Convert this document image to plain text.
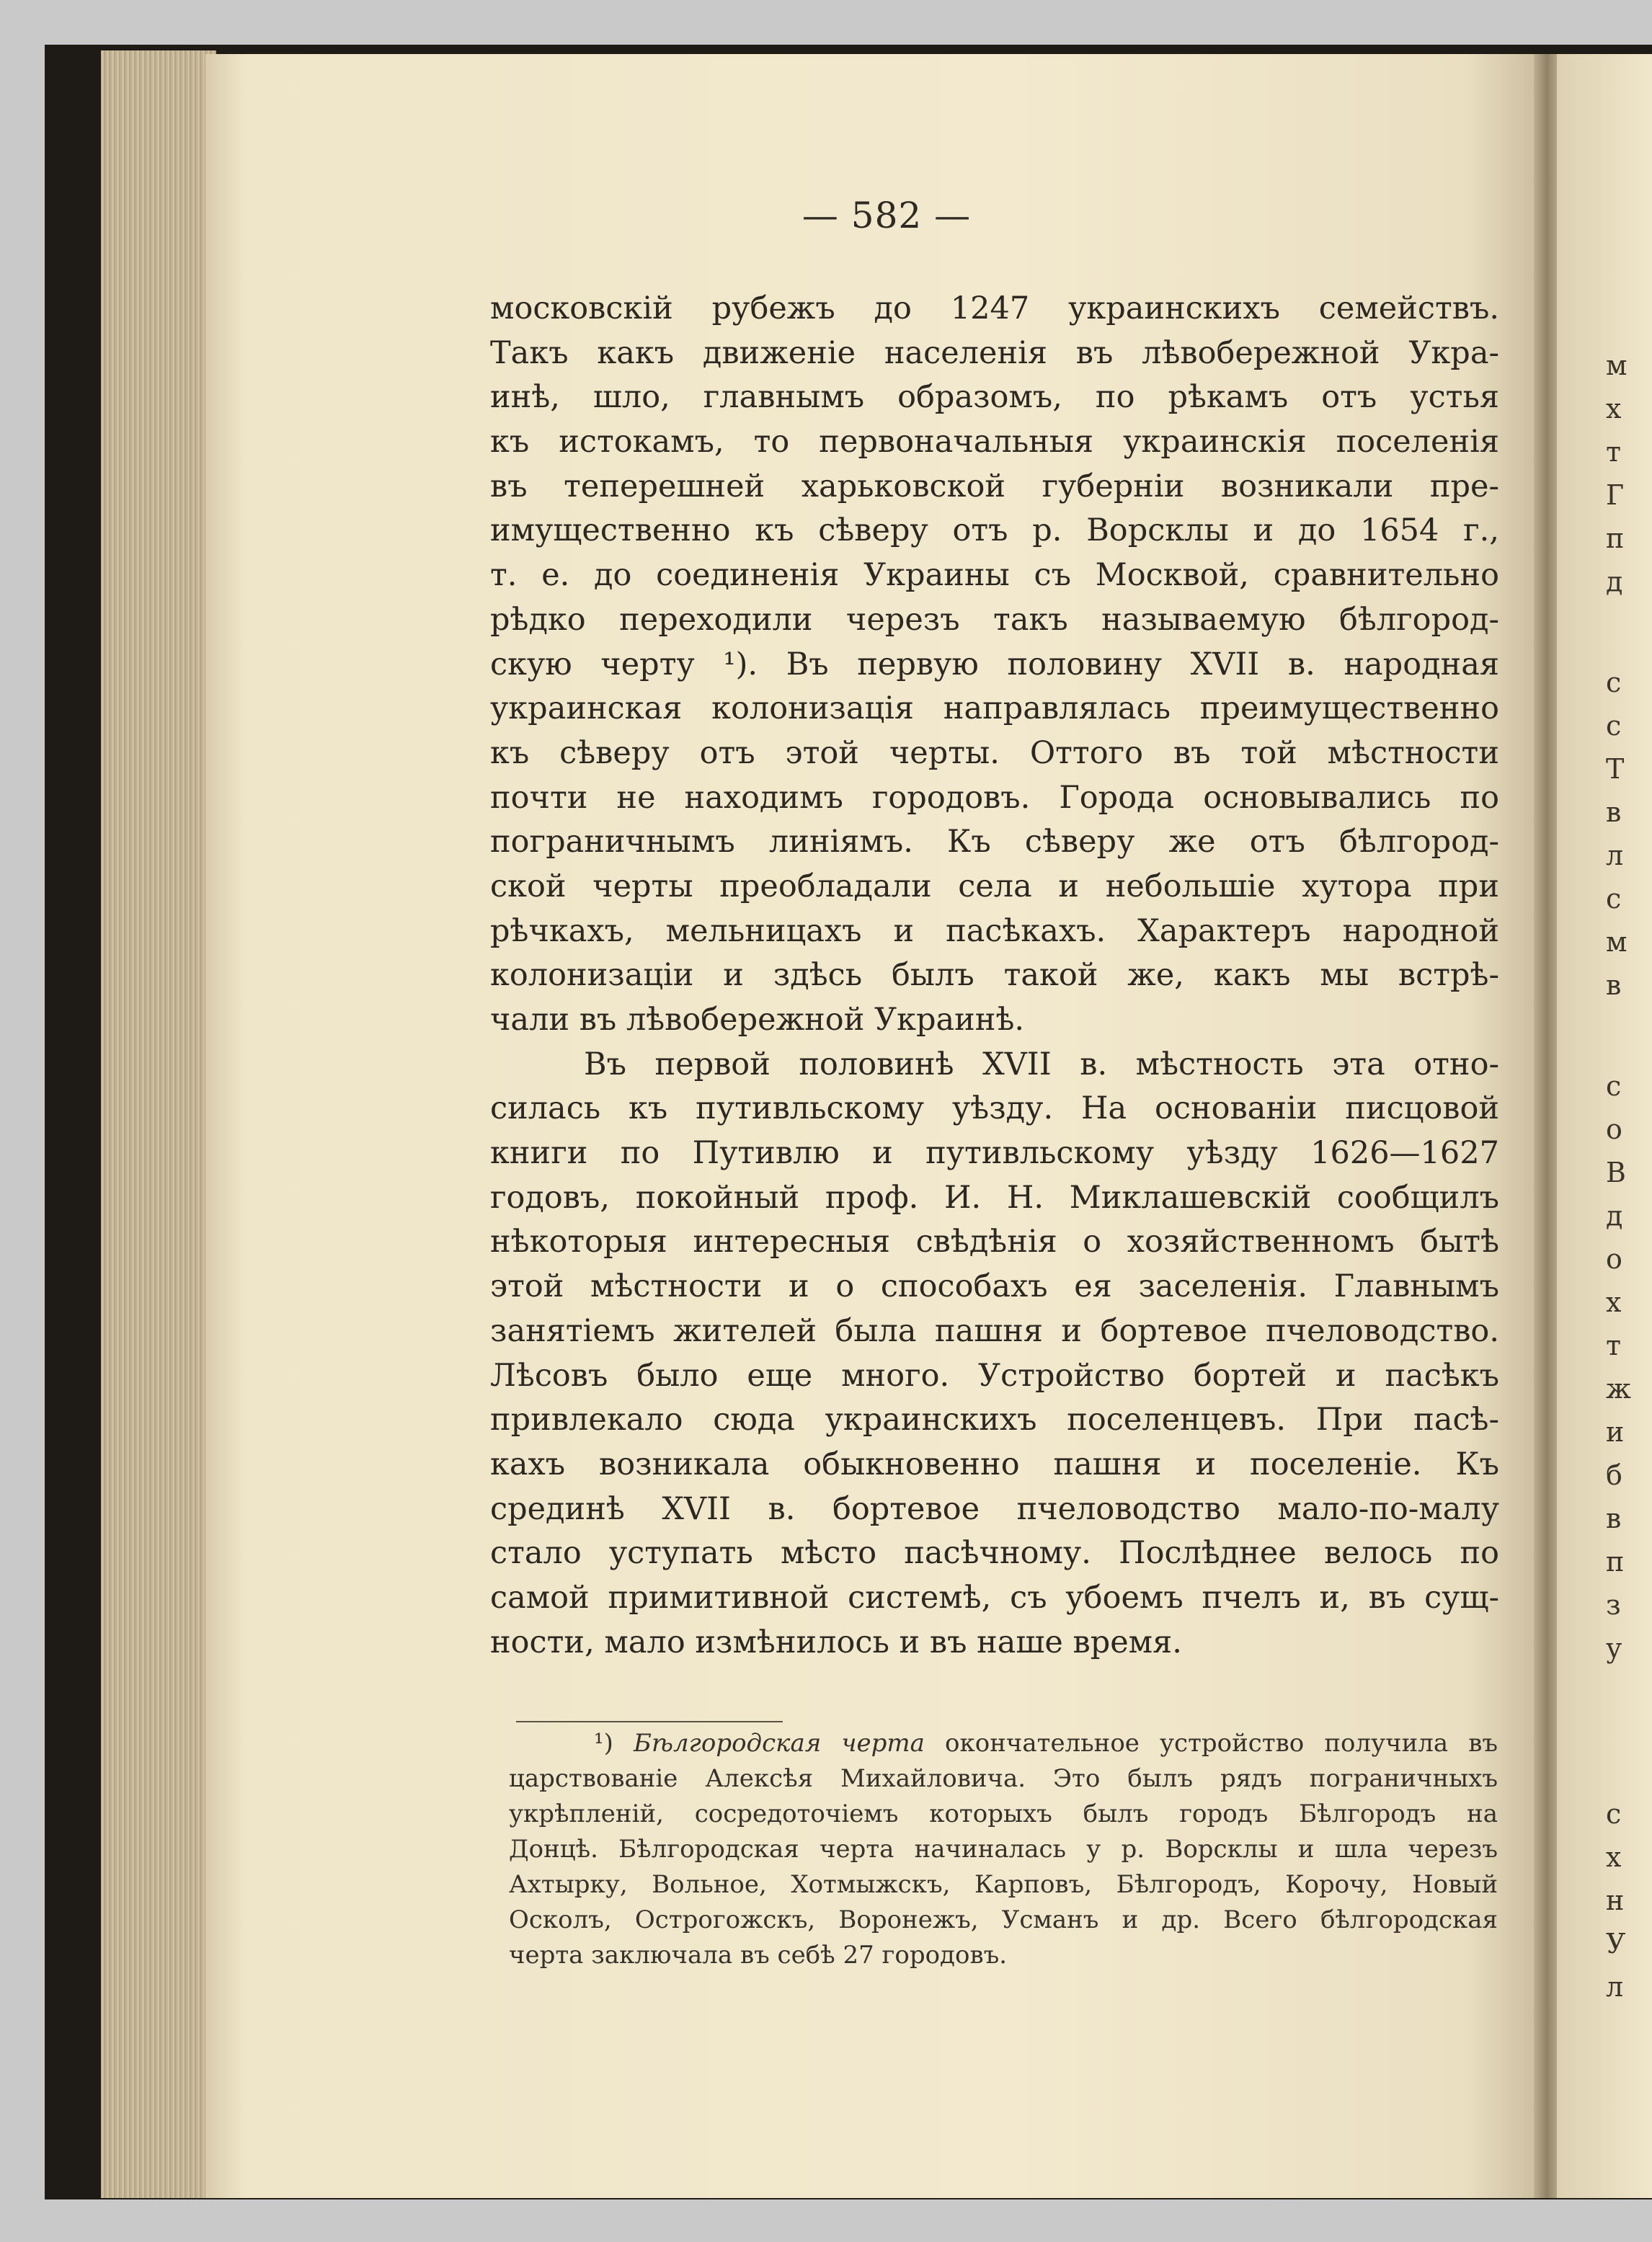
м
х
т
Г
п
д
с
с
Т
в
л
с
м
в
с
о
В
д
о
х
т
ж
и
б
в
п
з
у
с
х
н
У
л
— 582 —
московскій рубежъ до 1247 украинскихъ семействъ.
Такъ какъ движеніе населенія въ лѣвобережной Укра-
инѣ, шло, главнымъ образомъ, по рѣкамъ отъ устья
къ истокамъ, то первоначальныя украинскія поселенія
въ теперешней харьковской губерніи возникали пре-
имущественно къ сѣверу отъ р. Ворсклы и до 1654 г.,
т. е. до соединенія Украины съ Москвой, сравнительно
рѣдко переходили черезъ такъ называемую бѣлгород-
скую черту ¹). Въ первую половину XVII в. народная
украинская колонизація направлялась преимущественно
къ сѣверу отъ этой черты. Оттого въ той мѣстности
почти не находимъ городовъ. Города основывались по
пограничнымъ линіямъ. Къ сѣверу же отъ бѣлгород-
ской черты преобладали села и небольшіе хутора при
рѣчкахъ, мельницахъ и пасѣкахъ. Характеръ народной
колонизаціи и здѣсь былъ такой же, какъ мы встрѣ-
чали въ лѣвобережной Украинѣ.
Въ первой половинѣ XVII в. мѣстность эта отно-
силась къ путивльскому уѣзду. На основаніи писцовой
книги по Путивлю и путивльскому уѣзду 1626—1627
годовъ, покойный проф. И. Н. Миклашевскій сообщилъ
нѣкоторыя интересныя свѣдѣнія о хозяйственномъ бытѣ
этой мѣстности и о способахъ ея заселенія. Главнымъ
занятіемъ жителей была пашня и бортевое пчеловодство.
Лѣсовъ было еще много. Устройство бортей и пасѣкъ
привлекало сюда украинскихъ поселенцевъ. При пасѣ-
кахъ возникала обыкновенно пашня и поселеніе. Къ
срединѣ XVII в. бортевое пчеловодство мало-по-малу
стало уступать мѣсто пасѣчному. Послѣднее велось по
самой примитивной системѣ, съ убоемъ пчелъ и, въ сущ-
ности, мало измѣнилось и въ наше время.
¹) Бѣлгородская черта окончательное устройство получила въ
царствованіе Алексѣя Михайловича. Это былъ рядъ пограничныхъ
укрѣпленій, сосредоточіемъ которыхъ былъ городъ Бѣлгородъ на
Донцѣ. Бѣлгородская черта начиналась у р. Ворсклы и шла черезъ
Ахтырку, Вольное, Хотмыжскъ, Карповъ, Бѣлгородъ, Корочу, Новый
Осколъ, Острогожскъ, Воронежъ, Усманъ и др. Всего бѣлгородская
черта заключала въ себѣ 27 городовъ.
